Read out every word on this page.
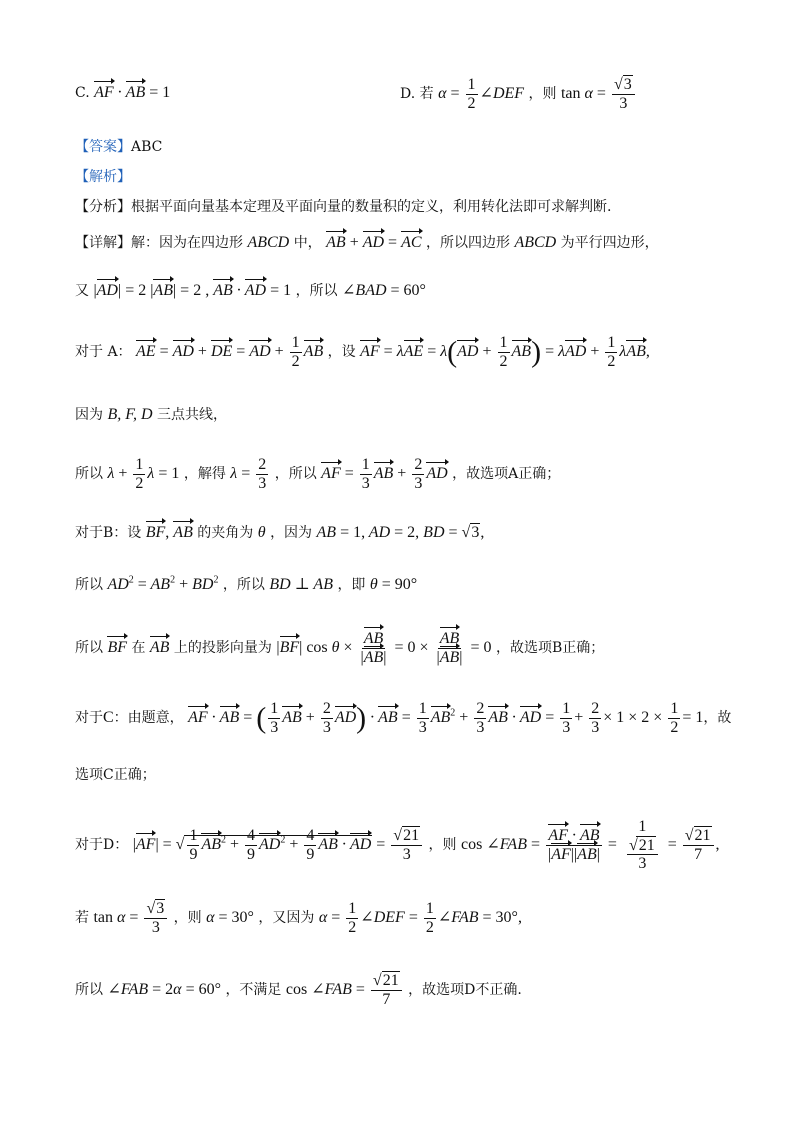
C. AF · AB = 1	D. 若 $\alpha = \frac{1}{2}$ ∠DEF ，则 $\tan \alpha = \frac{√3}{3}$
【答案】ABC
【解析】
【分析】根据平面向量基本定理及平面向量的数量积的定义，利用转化法即可求解判断.
【详解】解：因为在四边形 ABCD 中， AB + AD = AC ，所以四边形 ABCD 为平行四边形，
又 |AD| = 2 |AB| = 2 , AB · AD = 1 ，所以 ∠BAD = 60°
对于 A： AE = AD + DE = AD + $\frac{1}{2}$ AB ，设 AF = $\lambda AE = \lambda(AD + \frac{1}{2} AB) = \lambda AD + \frac{1}{2} \lambda AB$,
因为 B, F, D 三点共线，
所以 $\lambda + \frac{1}{2}$ λ = 1 ，解得 $\lambda = \frac{2}{3}$ ，所以 AF = $\frac{1}{3}$ AB + $\frac{2}{3}$ AD ，故选项A正确；
对于B：设 BF, AB 的夹角为 θ ，因为 AB = 1, AD = 2, BD = √3,
所以 $AD^2 = AB^2 + BD^2$ ，所以 BD ⊥ AB ，即 θ = 90°
所以 BF 在 AB 上的投影向量为 |BF| $\cos \theta \times \frac{AB}{|AB|} = 0 \times \frac{AB}{|AB|} = 0$ ，故选项B正确；
对于C：由题意， AF · AB = ( $\frac{1}{3}$ AB + $\frac{2}{3} AD$) · AB = $\frac{1}{3} AB^2 + \frac{2}{3}$ AB · AD = $\frac{1}{3} + \frac{2}{3} \times 1 \times 2 \times \frac{1}{2} = 1$，故
选项C正确；
对于D： |AF| = √ $\frac{1}{9} AB^2 + \frac{4}{9} AD^2 + \frac{4}{9}$ AB · AD = $\frac{√21}{3}$ ，则 cos ∠FAB = $\frac{AF \cdot AB}{|AF||AB|} = \frac{1}{\frac{√21}{3}} = \frac{√21}{7}$ ,
若 $\tan \alpha = \frac{√3}{3}$ ，则 α = 30° ，又因为 $\alpha = \frac{1}{2}$ ∠DEF = $\frac{1}{2}$ ∠FAB = 30°,
所以 ∠FAB = 2α = 60° ，不满足 cos ∠FAB = $\frac{√21}{7}$ ，故选项D不正确.
